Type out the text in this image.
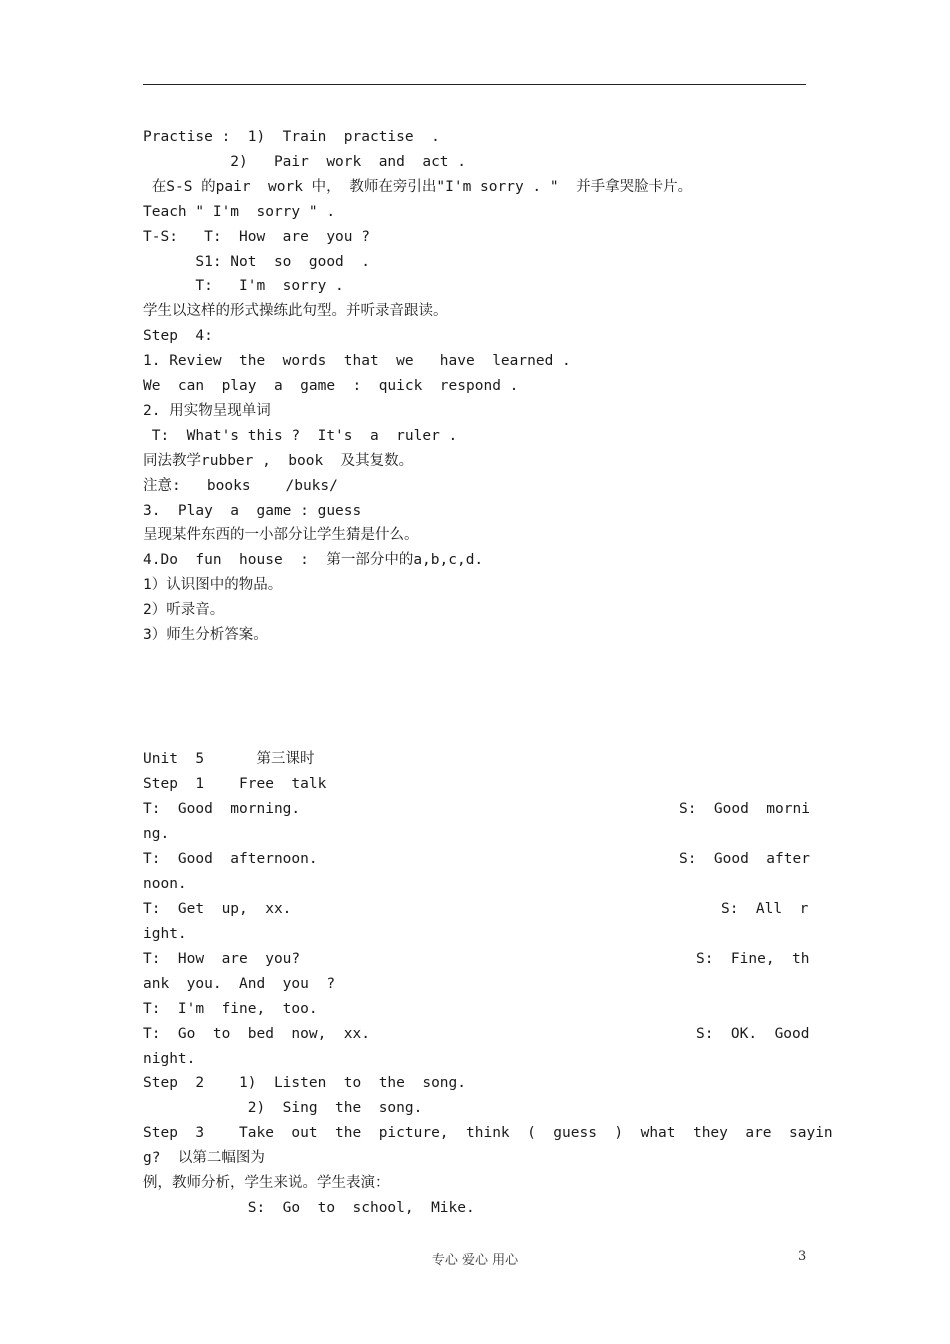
Practise :  1)  Train  practise  .
2)   Pair  work  and  act .
在S-S 的pair  work 中， 教师在旁引出"I'm sorry . "  并手拿哭脸卡片。
Teach " I'm  sorry " .
T-S:   T:  How  are  you ?
S1: Not  so  good  .
T:   I'm  sorry .
学生以这样的形式操练此句型。并听录音跟读。
Step  4:
1. Review  the  words  that  we   have  learned .
We  can  play  a  game  :  quick  respond .
2. 用实物呈现单词
T:  What's this ?  It's  a  ruler .
同法教学rubber ,  book  及其复数。
注意:   books    /buks/
3.  Play  a  game : guess
呈现某件东西的一小部分让学生猜是什么。
4.Do  fun  house  :  第一部分中的a,b,c,d.
1）认识图中的物品。
2）听录音。
3）师生分析答案。
Unit  5      第三课时
Step  1    Free  talk
T:  Good  morning.	S:  Good  morni
ng.
T:  Good  afternoon.	S:  Good  after
noon.
T:  Get  up,  xx.	S:  All  r
ight.
T:  How  are  you?	S:  Fine,  th
ank  you.  And  you  ?
T:  I'm  fine,  too.
T:  Go  to  bed  now,  xx.	S:  OK.  Good
night.
Step  2    1)  Listen  to  the  song.
2)  Sing  the  song.
Step  3    Take  out  the  picture,  think  (  guess  )  what  they  are  sayin
g?  以第二幅图为
例，教师分析，学生来说。学生表演：
S:  Go  to  school,  Mike.
专心 爱心 用心	3
